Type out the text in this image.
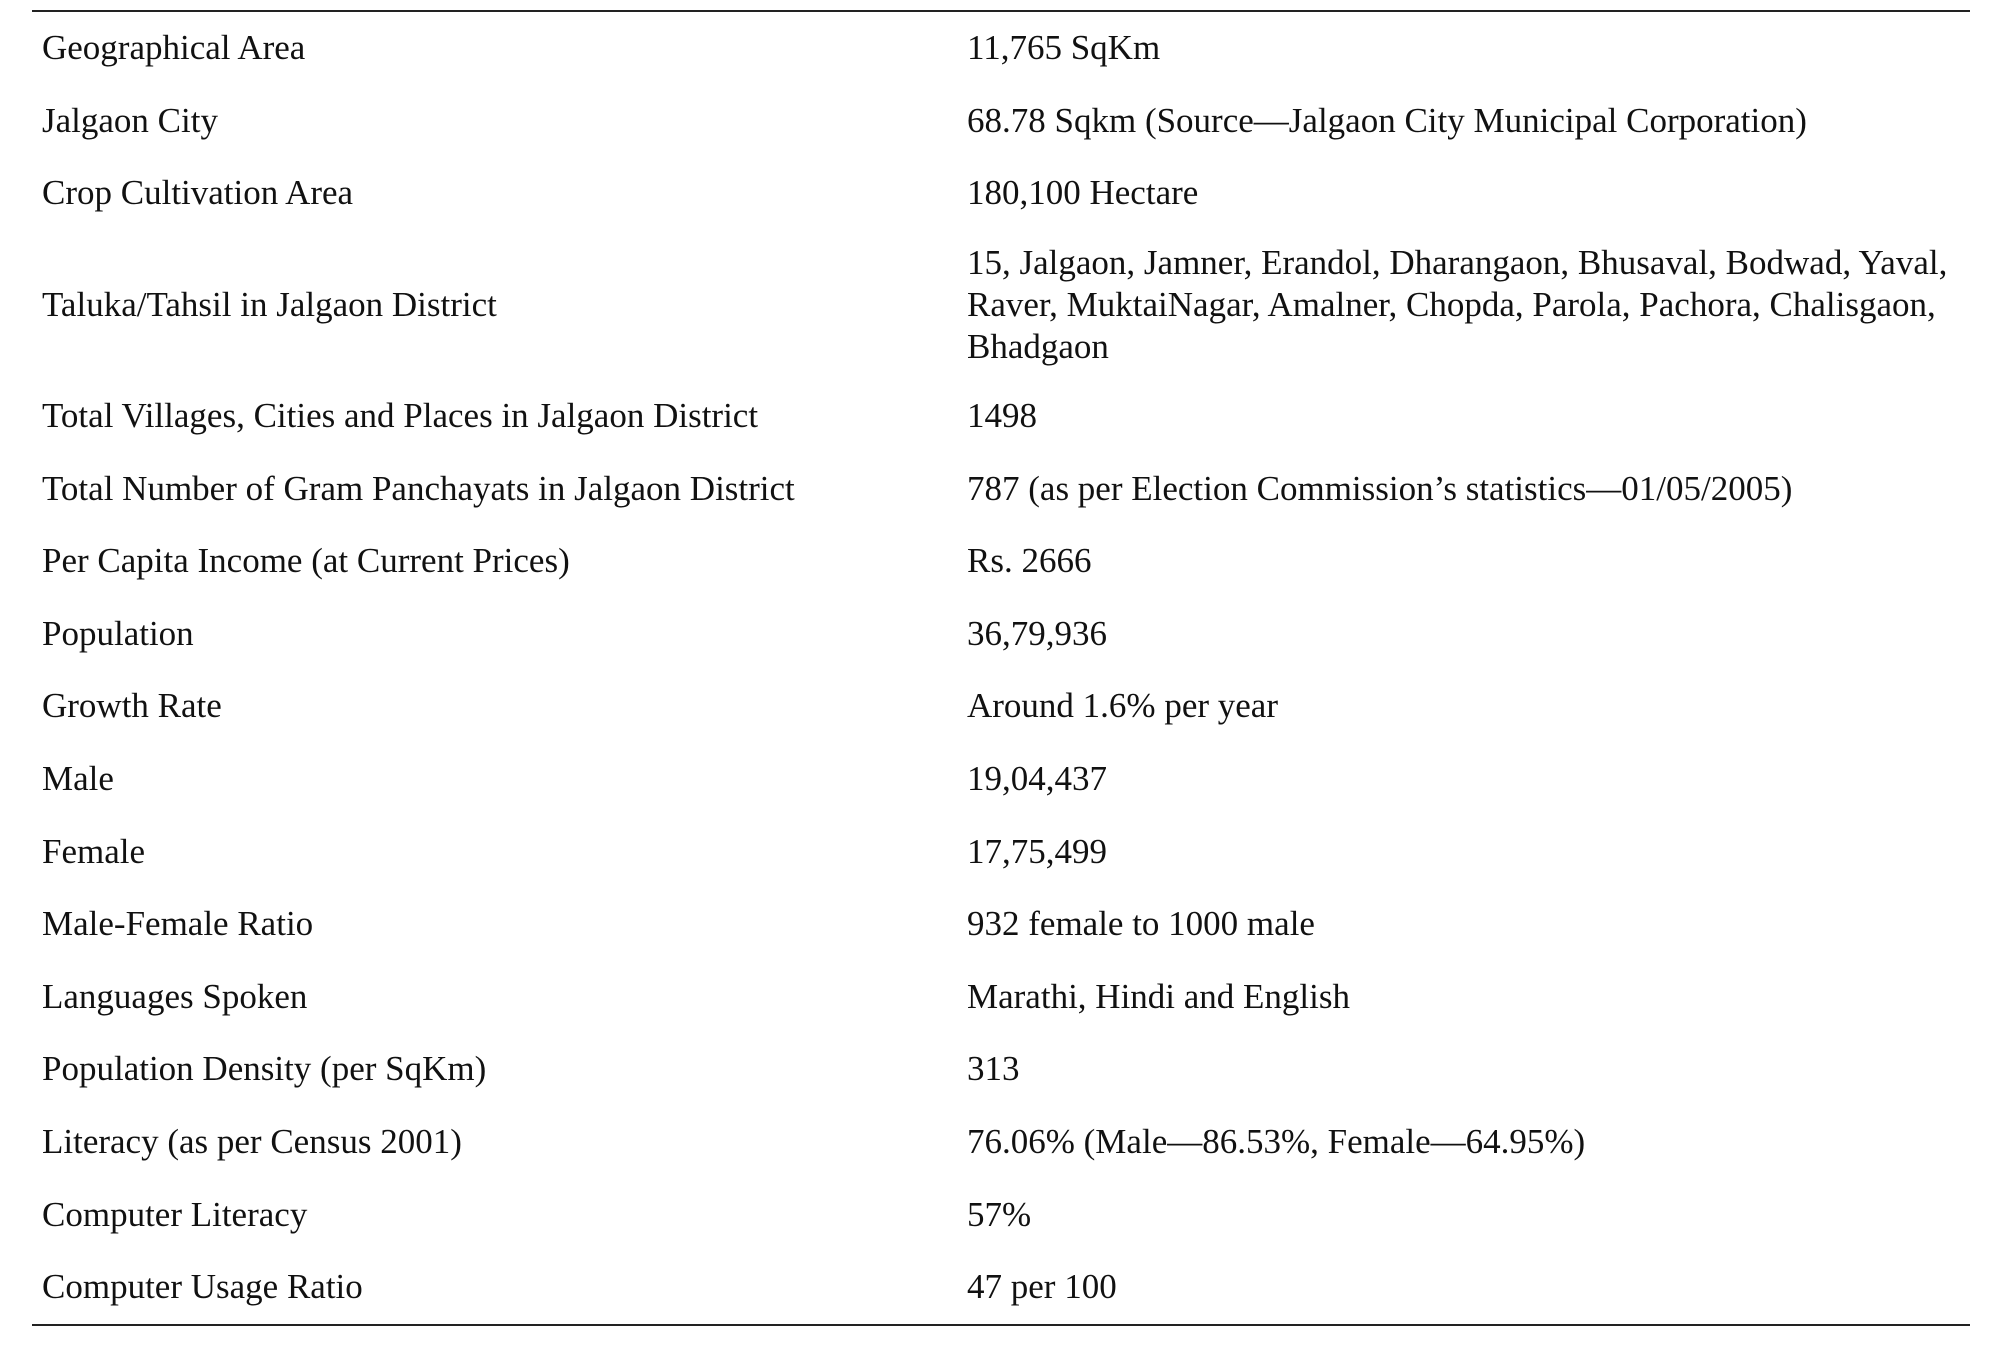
Geographical Area	11,765 SqKm
Jalgaon City	68.78 Sqkm (Source—Jalgaon City Municipal Corporation)
Crop Cultivation Area	180,100 Hectare
Taluka/Tahsil in Jalgaon District	15, Jalgaon, Jamner, Erandol, Dharangaon, Bhusaval, Bodwad, Yaval, Raver, MuktaiNagar, Amalner, Chopda, Parola, Pachora, Chalisgaon, Bhadgaon
Total Villages, Cities and Places in Jalgaon District	1498
Total Number of Gram Panchayats in Jalgaon District	787 (as per Election Commission’s statistics—01/05/2005)
Per Capita Income (at Current Prices)	Rs. 2666
Population	36,79,936
Growth Rate	Around 1.6% per year
Male	19,04,437
Female	17,75,499
Male-Female Ratio	932 female to 1000 male
Languages Spoken	Marathi, Hindi and English
Population Density (per SqKm)	313
Literacy (as per Census 2001)	76.06% (Male—86.53%, Female—64.95%)
Computer Literacy	57%
Computer Usage Ratio	47 per 100
